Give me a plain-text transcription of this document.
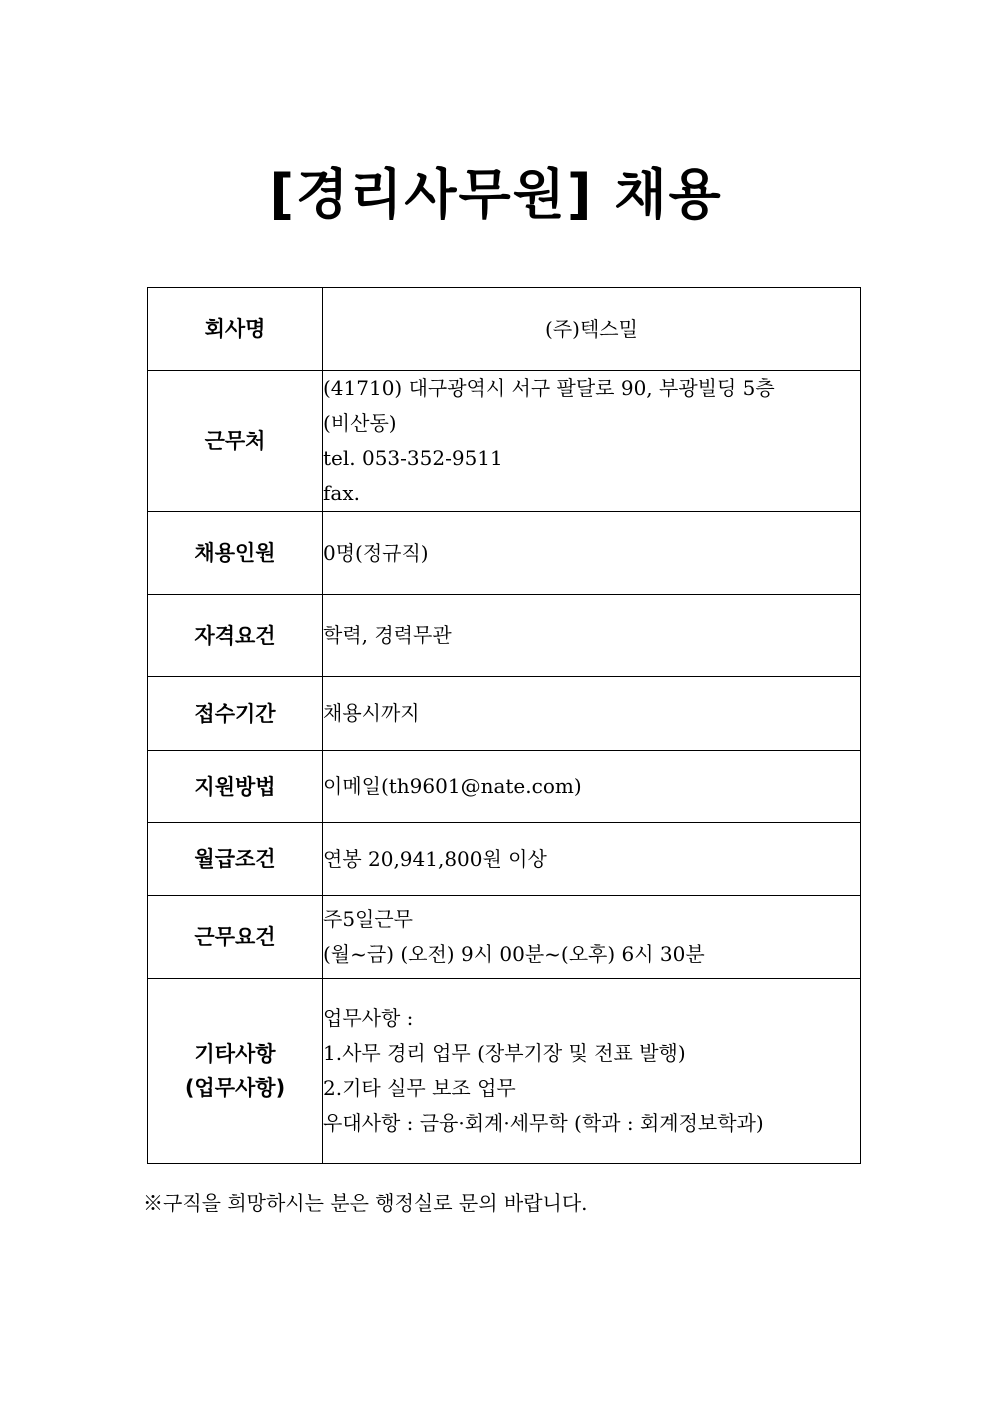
[경리사무원] 채용
회사명	(주)텍스밀

근무처	(41710) 대구광역시 서구 팔달로 90, 부광빌딩 5층
(비산동)
tel. 053-352-9511
fax.

채용인원	0명(정규직)

자격요건	학력, 경력무관

접수기간	채용시까지

지원방법	이메일(th9601@nate.com)

월급조건	연봉 20,941,800원 이상

근무요건	주5일근무
(월~금) (오전) 9시 00분~(오후) 6시 30분

기타사항
(업무사항)	업무사항 :
1.사무 경리 업무 (장부기장 및 전표 발행)
2.기타 실무 보조 업무
우대사항 : 금융·회계·세무학 (학과 : 회계정보학과)
※구직을 희망하시는 분은 행정실로 문의 바랍니다.
